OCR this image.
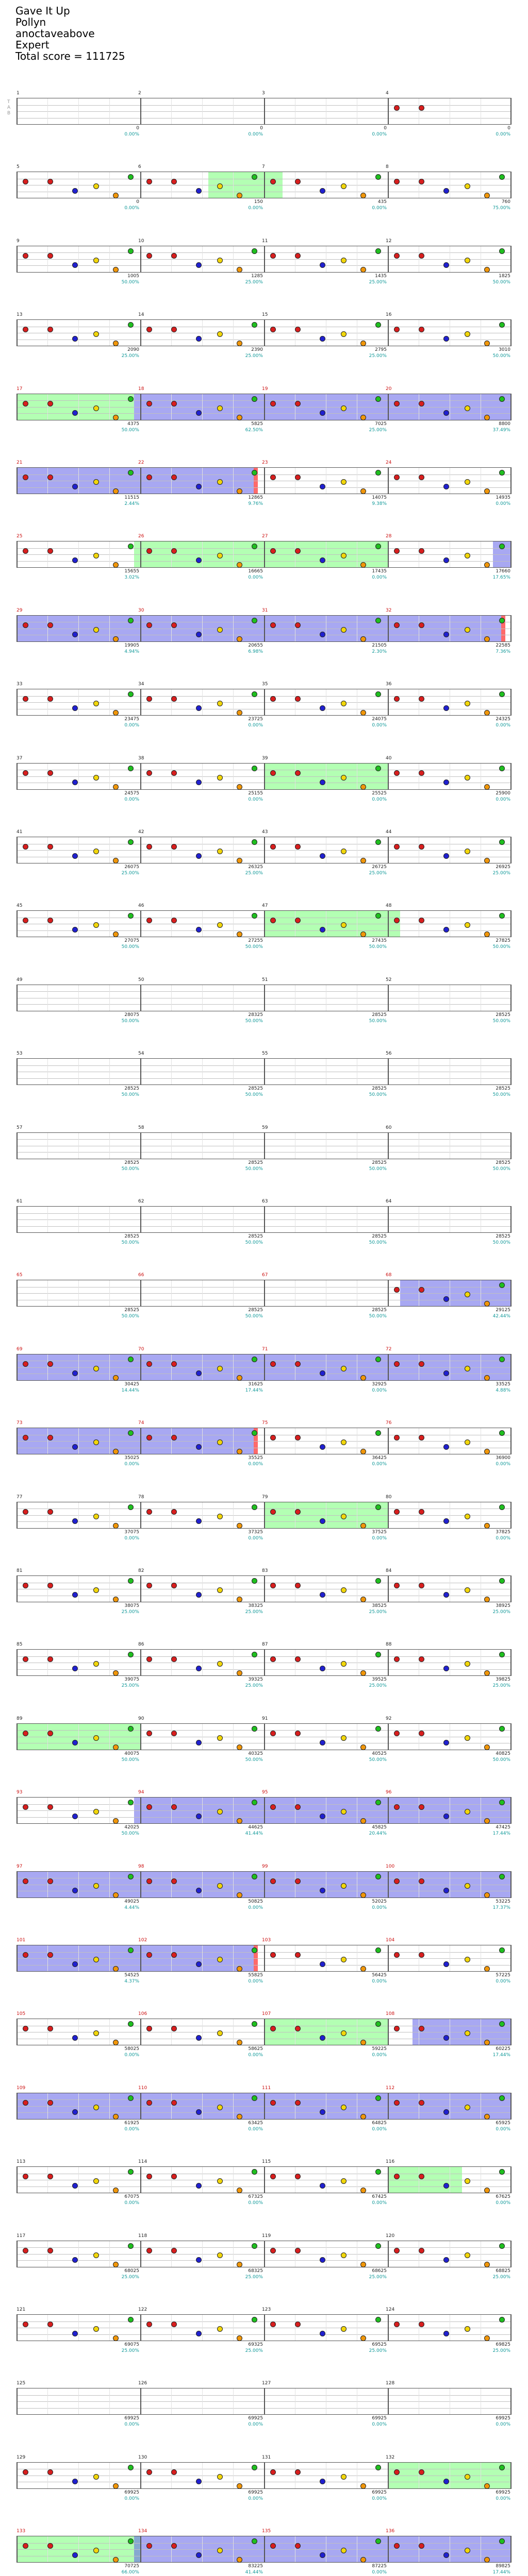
Gave It Up
Pollyn
anoctaveabove
Expert
Total score = 111725
1
0
0.00%
2
0
0.00%
3
0
0.00%
4
0
0.00%
T
A
B
5
0
0.00%
6
150
0.00%
7
435
0.00%
8
760
75.00%
9
1005
50.00%
10
1285
25.00%
11
1435
25.00%
12
1825
50.00%
13
2090
25.00%
14
2390
25.00%
15
2795
25.00%
16
3010
50.00%
17
4375
50.00%
18
5825
62.50%
19
7025
25.00%
20
8800
37.49%
21
11515
2.44%
22
12865
9.76%
23
14075
9.38%
24
14935
0.00%
25
15655
3.02%
26
16665
0.00%
27
17435
0.00%
28
17660
17.65%
29
19905
4.94%
30
20655
6.98%
31
21505
2.30%
32
22585
7.36%
33
23475
0.00%
34
23725
0.00%
35
24075
0.00%
36
24325
0.00%
37
24575
0.00%
38
25155
0.00%
39
25525
0.00%
40
25900
0.00%
41
26075
25.00%
42
26325
25.00%
43
26725
25.00%
44
26925
25.00%
45
27075
50.00%
46
27255
50.00%
47
27435
50.00%
48
27825
50.00%
49
28075
50.00%
50
28325
50.00%
51
28525
50.00%
52
28525
50.00%
53
28525
50.00%
54
28525
50.00%
55
28525
50.00%
56
28525
50.00%
57
28525
50.00%
58
28525
50.00%
59
28525
50.00%
60
28525
50.00%
61
28525
50.00%
62
28525
50.00%
63
28525
50.00%
64
28525
50.00%
65
28525
50.00%
66
28525
50.00%
67
28525
50.00%
68
29125
42.44%
69
30425
14.44%
70
31625
17.44%
71
32925
0.00%
72
33525
4.88%
73
35025
0.00%
74
35525
0.00%
75
36425
0.00%
76
36900
0.00%
77
37075
0.00%
78
37325
0.00%
79
37525
0.00%
80
37825
0.00%
81
38075
25.00%
82
38325
25.00%
83
38525
25.00%
84
38925
25.00%
85
39075
25.00%
86
39325
25.00%
87
39525
25.00%
88
39825
25.00%
89
40075
50.00%
90
40325
50.00%
91
40525
50.00%
92
40825
50.00%
93
42025
50.00%
94
44625
41.44%
95
45825
20.44%
96
47425
17.44%
97
49025
4.44%
98
50825
0.00%
99
52025
0.00%
100
53225
17.37%
101
54525
4.37%
102
55825
0.00%
103
56425
0.00%
104
57225
0.00%
105
58025
0.00%
106
58625
0.00%
107
59225
0.00%
108
60225
17.44%
109
61925
0.00%
110
63425
0.00%
111
64825
0.00%
112
65925
0.00%
113
67075
0.00%
114
67325
0.00%
115
67425
0.00%
116
67625
0.00%
117
68025
25.00%
118
68325
25.00%
119
68625
25.00%
120
68825
25.00%
121
69075
25.00%
122
69325
25.00%
123
69525
25.00%
124
69825
25.00%
125
69925
0.00%
126
69925
0.00%
127
69925
0.00%
128
69925
0.00%
129
69925
0.00%
130
69925
0.00%
131
69925
0.00%
132
69925
0.00%
133
70725
66.00%
134
83225
41.44%
135
87225
0.00%
136
89825
17.44%
